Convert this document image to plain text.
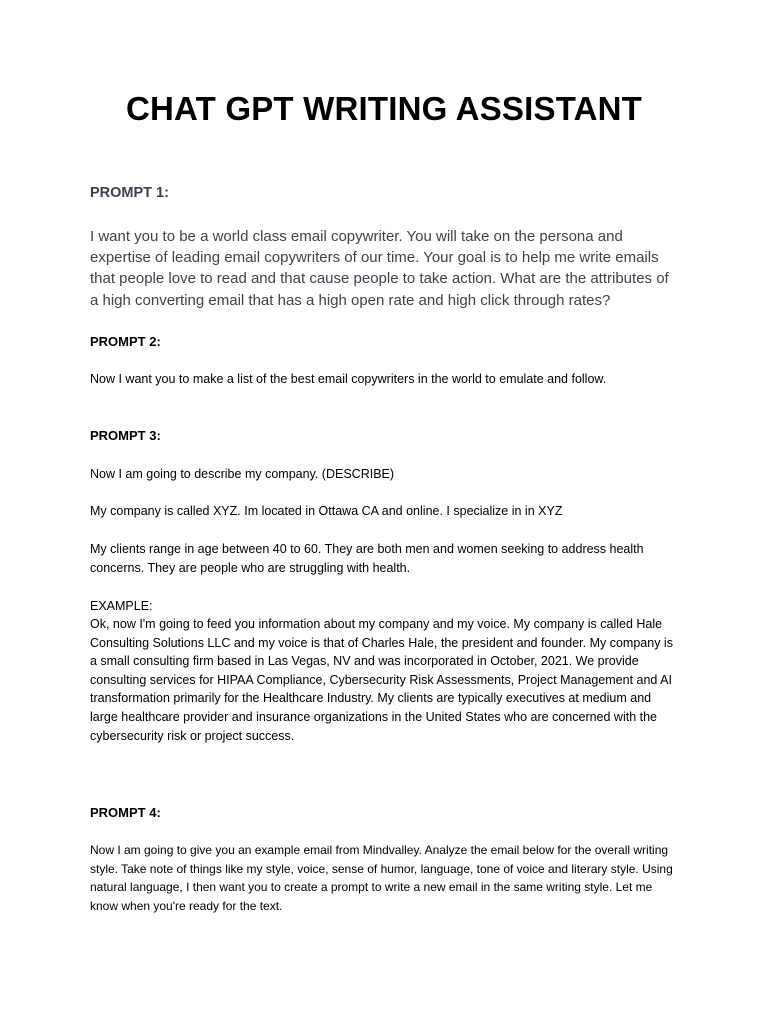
CHAT GPT WRITING ASSISTANT
PROMPT 1:

I want you to be a world class email copywriter. You will take on the persona and expertise of leading email copywriters of our time. Your goal is to help me write emails that people love to read and that cause people to take action. What are the attributes of a high converting email that has a high open rate and high click through rates?

PROMPT 2:

Now I want you to make a list of the best email copywriters in the world to emulate and follow.

PROMPT 3:

Now I am going to describe my company. (DESCRIBE)

My company is called XYZ. Im located in Ottawa CA and online. I specialize in in XYZ

My clients range in age between 40 to 60. They are both men and women seeking to address health concerns. They are people who are struggling with health.

EXAMPLE:

Ok, now I'm going to feed you information about my company and my voice. My company is called Hale Consulting Solutions LLC and my voice is that of Charles Hale, the president and founder. My company is a small consulting firm based in Las Vegas, NV and was incorporated in October, 2021. We provide consulting services for HIPAA Compliance, Cybersecurity Risk Assessments, Project Management and AI transformation primarily for the Healthcare Industry. My clients are typically executives at medium and large healthcare provider and insurance organizations in the United States who are concerned with the cybersecurity risk or project success.

PROMPT 4:

Now I am going to give you an example email from Mindvalley. Analyze the email below for the overall writing style. Take note of things like my style, voice, sense of humor, language, tone of voice and literary style. Using natural language, I then want you to create a prompt to write a new email in the same writing style. Let me know when you're ready for the text.
